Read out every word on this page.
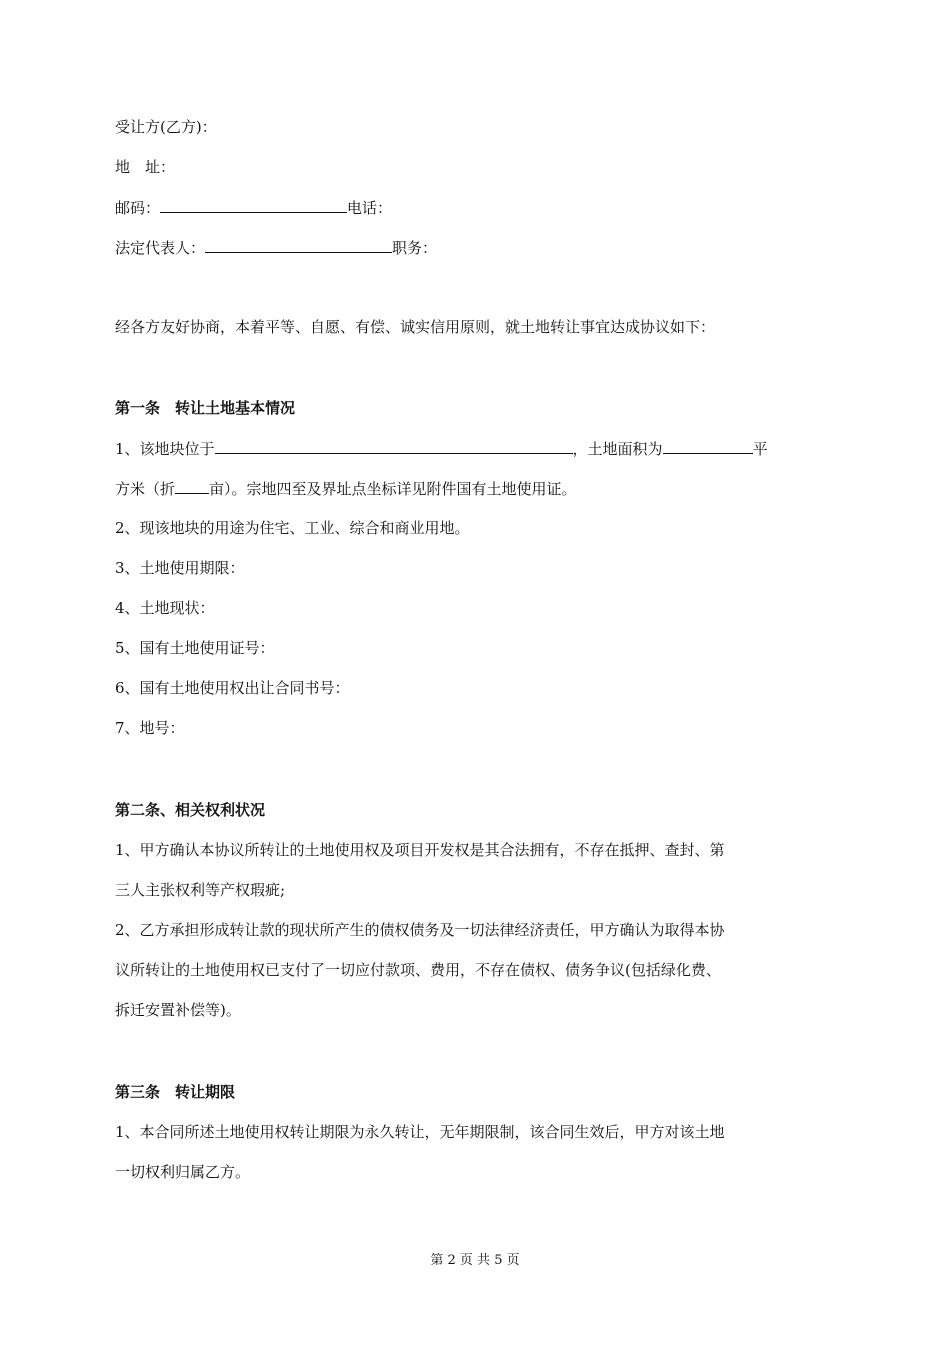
受让方(乙方)：
地　址：
邮码：	电话：
法定代表人：	职务：
经各方友好协商，本着平等、自愿、有偿、诚实信用原则，就土地转让事宜达成协议如下：
第一条　转让土地基本情况
1、该地块位于	，土地面积为	平
方米（折 亩）。宗地四至及界址点坐标详见附件国有土地使用证。
2、现该地块的用途为住宅、工业、综合和商业用地。
3、土地使用期限：
4、土地现状：
5、国有土地使用证号：
6、国有土地使用权出让合同书号：
7、地号：
第二条、相关权利状况
1、甲方确认本协议所转让的土地使用权及项目开发权是其合法拥有，不存在抵押、查封、第
三人主张权利等产权瑕疵;
2、乙方承担形成转让款的现状所产生的债权债务及一切法律经济责任，甲方确认为取得本协
议所转让的土地使用权已支付了一切应付款项、费用，不存在债权、债务争议(包括绿化费、
拆迁安置补偿等)。
第三条　转让期限
1、本合同所述土地使用权转让期限为永久转让，无年期限制，该合同生效后，甲方对该土地
一切权利归属乙方。
第 2 页 共 5 页
